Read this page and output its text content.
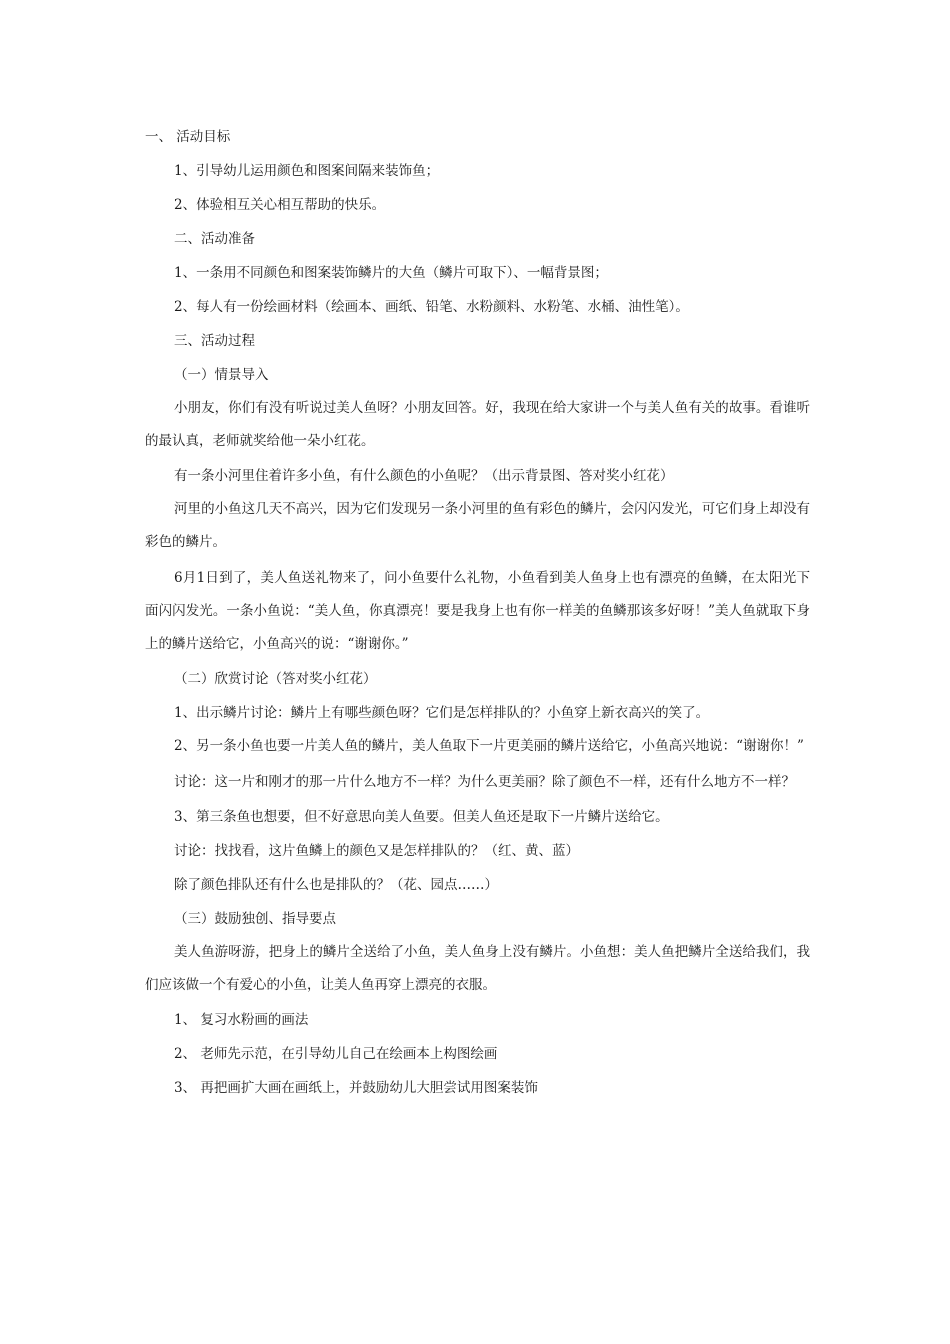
一、 活动目标

1、引导幼儿运用颜色和图案间隔来装饰鱼；

2、体验相互关心相互帮助的快乐。

二、活动准备

1、一条用不同颜色和图案装饰鳞片的大鱼（鳞片可取下）、一幅背景图；

2、每人有一份绘画材料（绘画本、画纸、铅笔、水粉颜料、水粉笔、水桶、油性笔）。

三、活动过程

（一）情景导入

小朋友，你们有没有听说过美人鱼呀？小朋友回答。好，我现在给大家讲一个与美人鱼有关的故事。看谁听的最认真，老师就奖给他一朵小红花。

有一条小河里住着许多小鱼，有什么颜色的小鱼呢？（出示背景图、答对奖小红花）

河里的小鱼这几天不高兴，因为它们发现另一条小河里的鱼有彩色的鳞片，会闪闪发光，可它们身上却没有彩色的鳞片。

6月1日到了，美人鱼送礼物来了，问小鱼要什么礼物，小鱼看到美人鱼身上也有漂亮的鱼鳞，在太阳光下面闪闪发光。一条小鱼说：“美人鱼，你真漂亮！要是我身上也有你一样美的鱼鳞那该多好呀！”美人鱼就取下身上的鳞片送给它，小鱼高兴的说：“谢谢你。”

（二）欣赏讨论（答对奖小红花）

1、出示鳞片讨论：鳞片上有哪些颜色呀？它们是怎样排队的？小鱼穿上新衣高兴的笑了。

2、另一条小鱼也要一片美人鱼的鳞片，美人鱼取下一片更美丽的鳞片送给它，小鱼高兴地说：“谢谢你！”

讨论：这一片和刚才的那一片什么地方不一样？为什么更美丽？除了颜色不一样，还有什么地方不一样？

3、第三条鱼也想要，但不好意思向美人鱼要。但美人鱼还是取下一片鳞片送给它。

讨论：找找看，这片鱼鳞上的颜色又是怎样排队的？（红、黄、蓝）

除了颜色排队还有什么也是排队的？（花、园点……）

（三）鼓励独创、指导要点

美人鱼游呀游，把身上的鳞片全送给了小鱼，美人鱼身上没有鳞片。小鱼想：美人鱼把鳞片全送给我们，我们应该做一个有爱心的小鱼，让美人鱼再穿上漂亮的衣服。

1、 复习水粉画的画法

2、 老师先示范，在引导幼儿自己在绘画本上构图绘画

3、 再把画扩大画在画纸上，并鼓励幼儿大胆尝试用图案装饰
